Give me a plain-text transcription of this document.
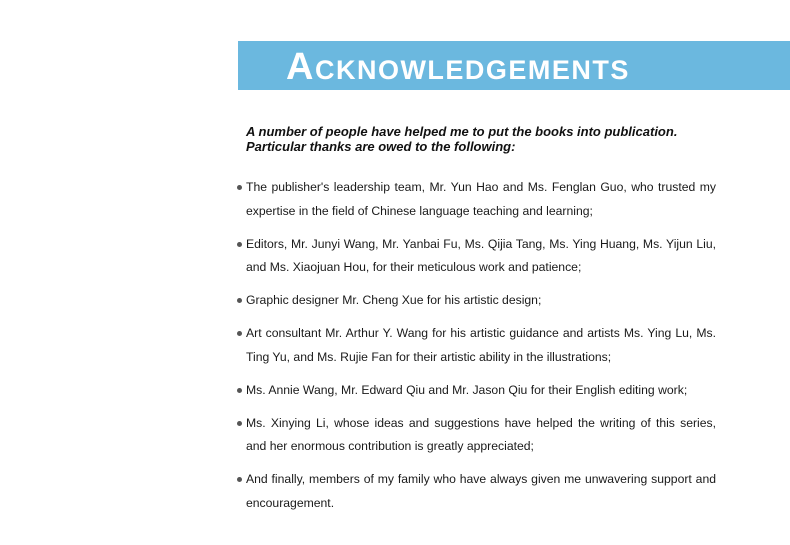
Acknowledgements

A number of people have helped me to put the books into publication.
Particular thanks are owed to the following:

The publisher's leadership team, Mr. Yun Hao and Ms. Fenglan Guo, who trusted my expertise in the field of Chinese language teaching and learning;
Editors, Mr. Junyi Wang, Mr. Yanbai Fu, Ms. Qijia Tang, Ms. Ying Huang, Ms. Yijun Liu, and Ms. Xiaojuan Hou, for their meticulous work and patience;
Graphic designer Mr. Cheng Xue for his artistic design;
Art consultant Mr. Arthur Y. Wang for his artistic guidance and artists Ms. Ying Lu, Ms. Ting Yu, and Ms. Rujie Fan for their artistic ability in the illustrations;
Ms. Annie Wang, Mr. Edward Qiu and Mr. Jason Qiu for their English editing work;
Ms. Xinying Li, whose ideas and suggestions have helped the writing of this series, and her enormous contribution is greatly appreciated;
And finally, members of my family who have always given me unwavering support and encouragement.
